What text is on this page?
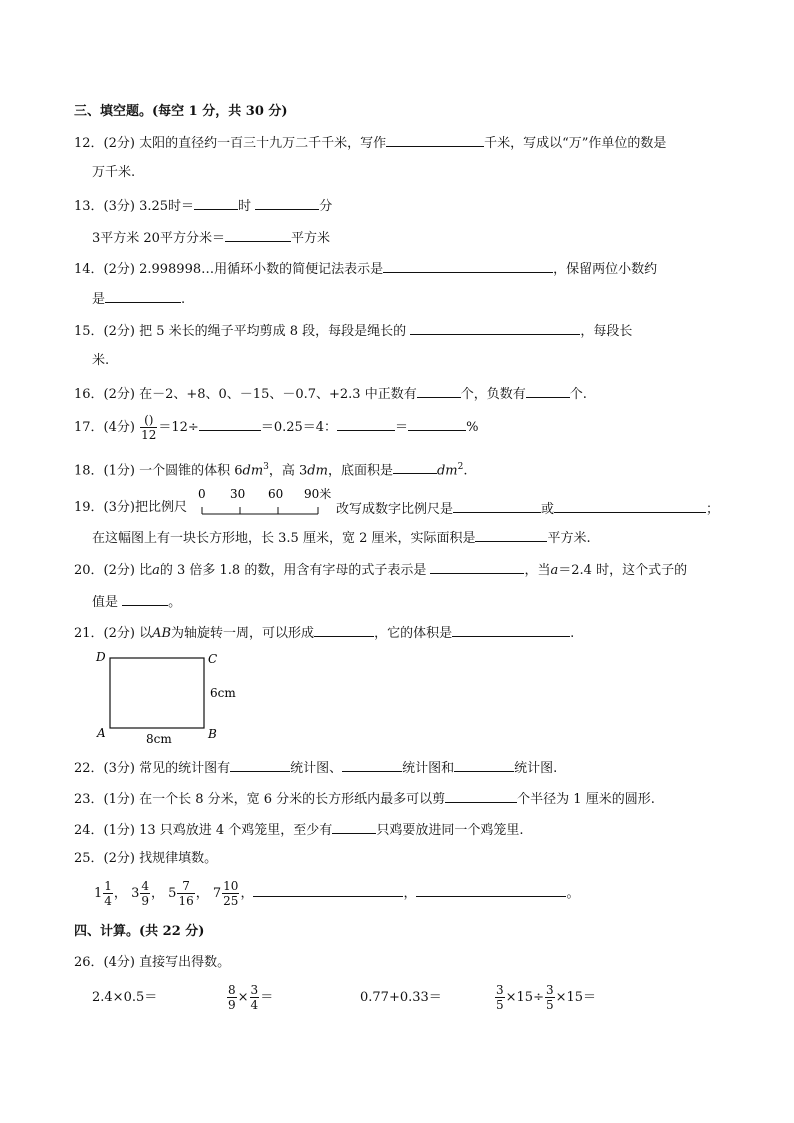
三、填空题。(每空 1 分，共 30 分)
12．(2分) 太阳的直径约一百三十九万二千千米，写作	千米，写成以“万”作单位的数是
万千米.
13．(3分) 3.25时＝	时	分
3平方米 20平方分米＝	平方米
14．(2分) 2.998998…用循环小数的简便记法表示是	，保留两位小数约
是	.
15．(2分) 把 5 米长的绳子平均剪成 8 段，每段是绳长的	，每段长
米.
16．(2分) 在－2、+8、0、－15、－0.7、+2.3 中正数有	个，负数有	个.
17．(4分) $\frac{()}{12} =12\div$	＝0.25＝4：	＝	%
18．(1分) 一个圆锥的体积 $6dm^3$，高 3dm，底面积是	$dm^2$.
19．(3分)把比例尺
0 30 60 90米
改写成数字比例尺是	或	；
在这幅图上有一块长方形地，长 3.5 厘米，宽 2 厘米，实际面积是	平方米.
20．(2分) 比a的 3 倍多 1.8 的数，用含有字母的式子表示是	，当a＝2.4 时，这个式子的
值是	。
21．(2分) 以AB为轴旋转一周，可以形成	，它的体积是	.
D	C
A	B
6cm
8cm
22．(3分) 常见的统计图有	统计图、	统计图和	统计图.
23．(1分) 在一个长 8 分米，宽 6 分米的长方形纸内最多可以剪	个半径为 1 厘米的圆形.
24．(1分) 13 只鸡放进 4 个鸡笼里，至少有	只鸡要放进同一个鸡笼里.
25．(2分) 找规律填数。
$1 \frac{1}{4}$ ， $3 \frac{4}{9}$ ， $5 \frac{7}{16}$ ， $7 \frac{10}{25}$ ，	，	。
四、计算。(共 22 分)
26．(4分) 直接写出得数。
2.4×0.5＝	$\frac{8}{9} \times \frac{3}{4}$ ＝	0.77+0.33＝	$\frac{3}{5} \times 15\div \frac{3}{5} \times 15=$
